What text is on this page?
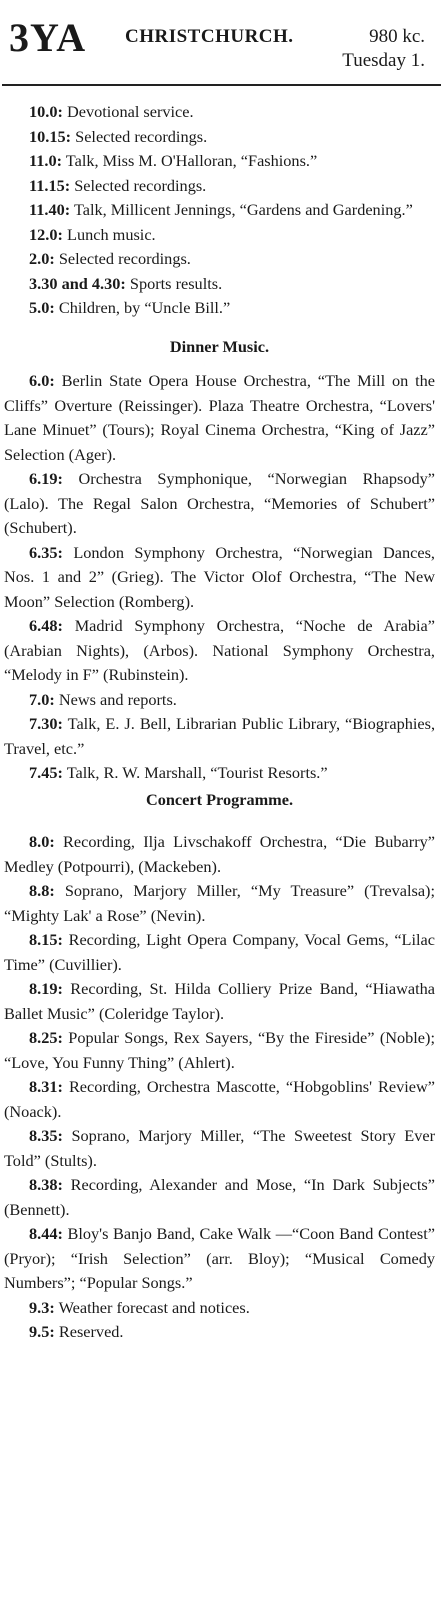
3YA CHRISTCHURCH.	980 kc.
Tuesday 1.

10.0: Devotional service.

10.15: Selected recordings.

11.0: Talk, Miss M. O'Halloran, “Fashions.”

11.15: Selected recordings.

11.40: Talk, Millicent Jennings, “Gardens and Gardening.”

12.0: Lunch music.

2.0: Selected recordings.

3.30 and 4.30: Sports results.

5.0: Children, by “Uncle Bill.”

Dinner Music.

6.0: Berlin State Opera House Orchestra, “The Mill on the Cliffs” Overture (Reissinger). Plaza Theatre Orchestra, “Lovers' Lane Minuet” (Tours); Royal Cinema Orchestra, “King of Jazz” Selection (Ager).

6.19: Orchestra Symphonique, “Norwegian Rhapsody” (Lalo). The Regal Salon Orchestra, “Memories of Schubert” (Schubert).

6.35: London Symphony Orchestra, “Norwegian Dances, Nos. 1 and 2” (Grieg). The Victor Olof Orchestra, “The New Moon” Selection (Romberg).

6.48: Madrid Symphony Orchestra, “Noche de Arabia” (Arabian Nights), (Arbos). National Symphony Orchestra, “Melody in F” (Rubinstein).

7.0: News and reports.

7.30: Talk, E. J. Bell, Librarian Public Library, “Biographies, Travel, etc.”

7.45: Talk, R. W. Marshall, “Tourist Resorts.”

Concert Programme.

8.0: Recording, Ilja Livschakoff Orchestra, “Die Bubarry” Medley (Potpourri), (Mackeben).

8.8: Soprano, Marjory Miller, “My Treasure” (Trevalsa); “Mighty Lak' a Rose” (Nevin).

8.15: Recording, Light Opera Company, Vocal Gems, “Lilac Time” (Cuvillier).

8.19: Recording, St. Hilda Colliery Prize Band, “Hiawatha Ballet Music” (Coleridge Taylor).

8.25: Popular Songs, Rex Sayers, “By the Fireside” (Noble); “Love, You Funny Thing” (Ahlert).

8.31: Recording, Orchestra Mascotte, “Hobgoblins' Review” (Noack).

8.35: Soprano, Marjory Miller, “The Sweetest Story Ever Told” (Stults).

8.38: Recording, Alexander and Mose, “In Dark Subjects” (Bennett).

8.44: Bloy's Banjo Band, Cake Walk —“Coon Band Contest” (Pryor); “Irish Selection” (arr. Bloy); “Musical Comedy Numbers”; “Popular Songs.”

9.3: Weather forecast and notices.

9.5: Reserved.
